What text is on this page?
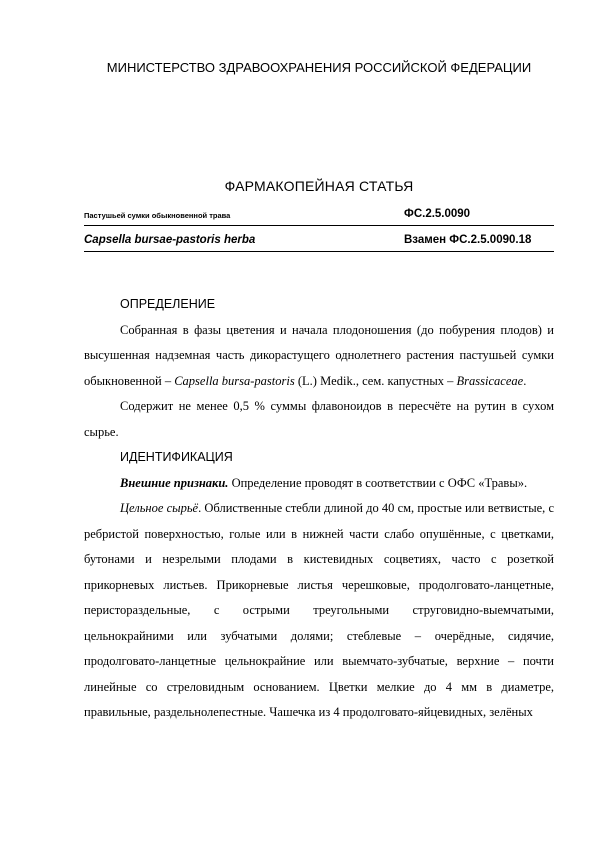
МИНИСТЕРСТВО ЗДРАВООХРАНЕНИЯ РОССИЙСКОЙ ФЕДЕРАЦИИ
ФАРМАКОПЕЙНАЯ СТАТЬЯ
Пастушьей сумки обыкновенной трава	ФС.2.5.0090
Capsella bursae-pastoris herba	Взамен ФС.2.5.0090.18

ОПРЕДЕЛЕНИЕ

Собранная в фазы цветения и начала плодоношения (до побурения плодов) и высушенная надземная часть дикорастущего однолетнего растения пастушьей сумки обыкновенной – Capsella bursa-pastoris (L.) Medik., сем. капустных – Brassicaceae.

Содержит не менее 0,5 % суммы флавоноидов в пересчёте на рутин в сухом сырье.

ИДЕНТИФИКАЦИЯ

Внешние признаки. Определение проводят в соответствии с ОФС «Травы».

Цельное сырьё. Облиственные стебли длиной до 40 см, простые или ветвистые, с ребристой поверхностью, голые или в нижней части слабо опушённые, с цветками, бутонами и незрелыми плодами в кистевидных соцветиях, часто с розеткой прикорневых листьев. Прикорневые листья черешковые, продолговато-ланцетные, перистораздельные, с острыми треугольными струговидно-выемчатыми, цельнокрайними или зубчатыми долями; стеблевые – очерёдные, сидячие, продолговато-ланцетные цельнокрайние или выемчато-зубчатые, верхние – почти линейные со стреловидным основанием. Цветки мелкие до 4 мм в диаметре, правильные, раздельнолепестные. Чашечка из 4 продолговато-яйцевидных, зелёных
